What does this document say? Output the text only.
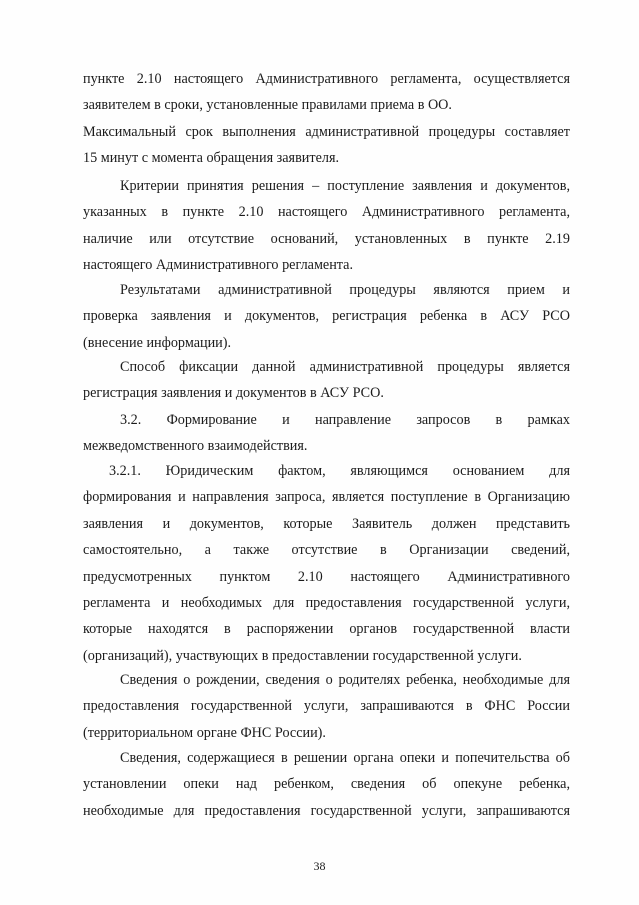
пункте 2.10 настоящего Административного регламента, осуществляется
заявителем в сроки, установленные правилами приема в ОО.

Максимальный срок выполнения административной процедуры составляет
15 минут с момента обращения заявителя.

Критерии принятия решения – поступление заявления и документов,
указанных в пункте 2.10 настоящего Административного регламента,
наличие или отсутствие оснований, установленных в пункте 2.19
настоящего Административного регламента.

Результатами административной процедуры являются прием и
проверка заявления и документов, регистрация ребенка в АСУ РСО
(внесение информации).

Способ фиксации данной административной процедуры является
регистрация заявления и документов в АСУ РСО.

3.2. Формирование и направление запросов в рамках
межведомственного взаимодействия.

3.2.1. Юридическим фактом, являющимся основанием для
формирования и направления запроса, является поступление в Организацию
заявления и документов, которые Заявитель должен представить
самостоятельно, а также отсутствие в Организации сведений,
предусмотренных пунктом 2.10 настоящего Административного
регламента и необходимых для предоставления государственной услуги,
которые находятся в распоряжении органов государственной власти
(организаций), участвующих в предоставлении государственной услуги.

Сведения о рождении, сведения о родителях ребенка, необходимые для
предоставления государственной услуги, запрашиваются в ФНС России
(территориальном органе ФНС России).

Сведения, содержащиеся в решении органа опеки и попечительства об
установлении опеки над ребенком, сведения об опекуне ребенка,
необходимые для предоставления государственной услуги, запрашиваются

38
